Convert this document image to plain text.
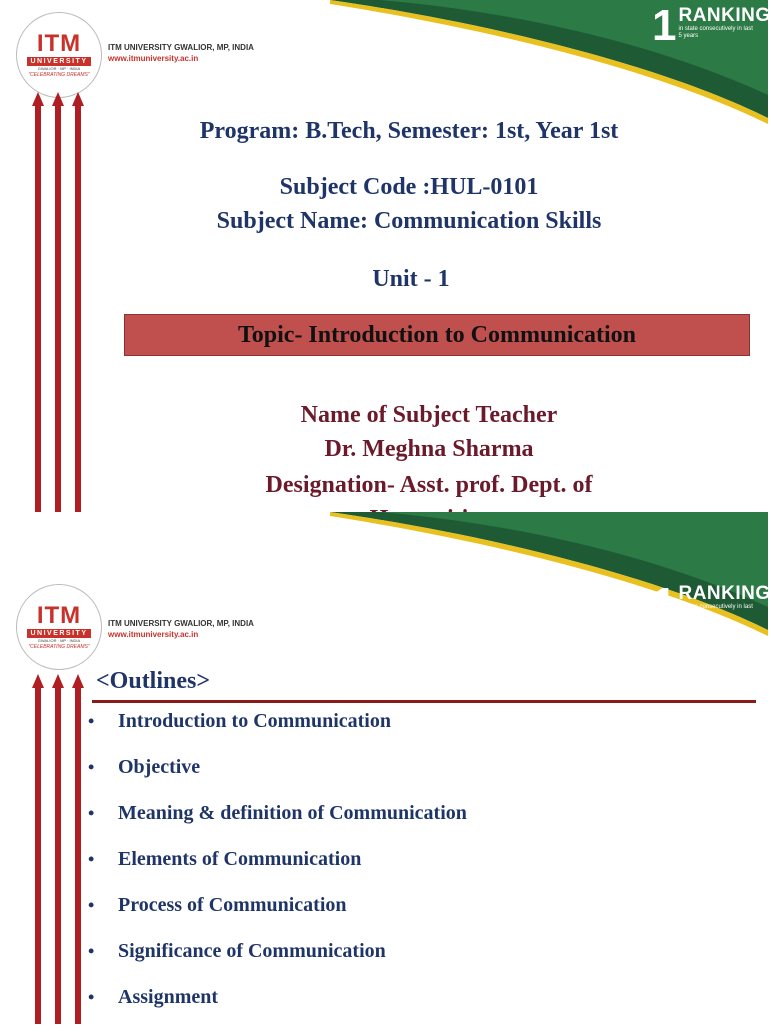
ITM
UNIVERSITY
GWALIOR · MP · INDIA
"CELEBRATING DREAMS"
ITM UNIVERSITY GWALIOR, MP, INDIA
www.itmuniversity.ac.in
1 RANKING
in state consecutively in last
5 years
Program: B.Tech, Semester: 1st, Year 1st
Subject Code :HUL-0101
Subject Name: Communication Skills
Unit - 1
Topic- Introduction to Communication
Name of Subject Teacher
Dr. Meghna Sharma
Designation- Asst. prof. Dept. of
ITM
UNIVERSITY
GWALIOR · MP · INDIA
"CELEBRATING DREAMS"
ITM UNIVERSITY GWALIOR, MP, INDIA
www.itmuniversity.ac.in
1 RANKING
in state consecutively in last
5 years
<Outlines>
•	Introduction to Communication
•	Objective
•	Meaning & definition of Communication
•	Elements of Communication
•	Process of Communication
•	Significance of Communication
•	Assignment
